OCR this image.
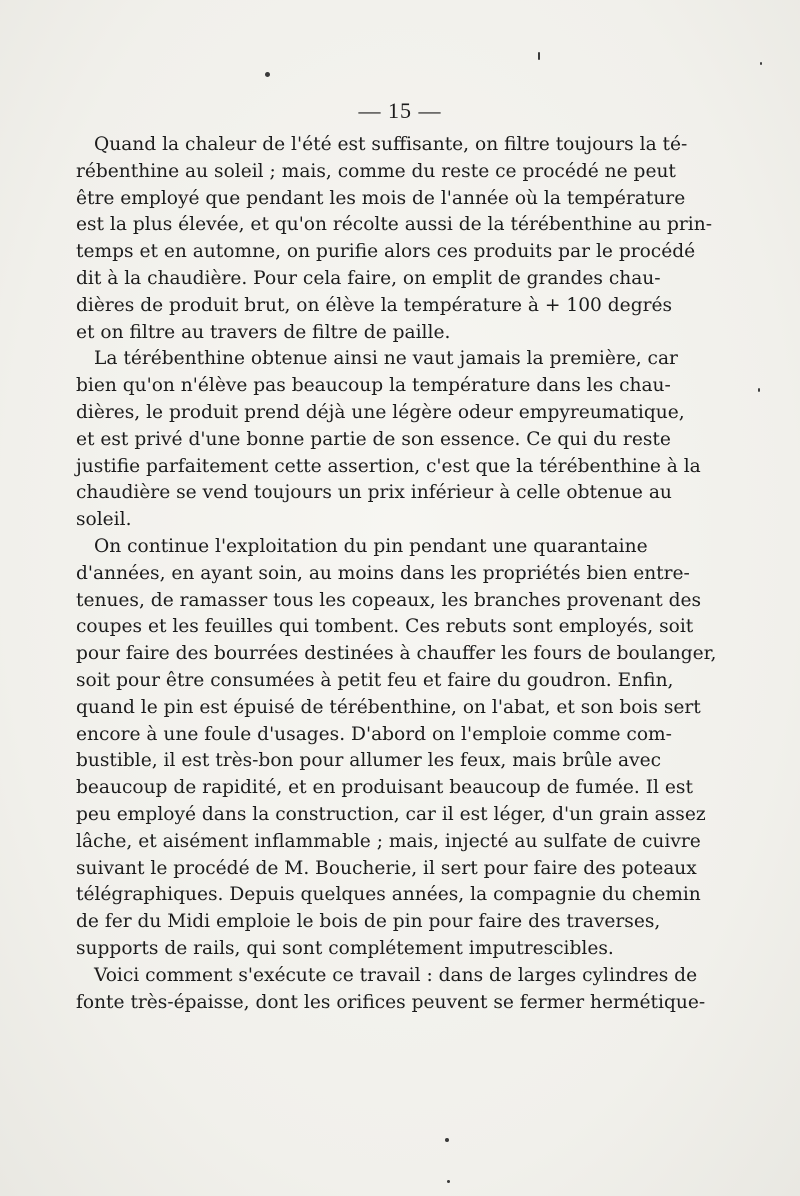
— 15 —
Quand la chaleur de l'été est suffisante, on filtre toujours la té-
rébenthine au soleil ; mais, comme du reste ce procédé ne peut
être employé que pendant les mois de l'année où la température
est la plus élevée, et qu'on récolte aussi de la térébenthine au prin-
temps et en automne, on purifie alors ces produits par le procédé
dit à la chaudière. Pour cela faire, on emplit de grandes chau-
dières de produit brut, on élève la température à + 100 degrés
et on filtre au travers de filtre de paille.
La térébenthine obtenue ainsi ne vaut jamais la première, car
bien qu'on n'élève pas beaucoup la température dans les chau-
dières, le produit prend déjà une légère odeur empyreumatique,
et est privé d'une bonne partie de son essence. Ce qui du reste
justifie parfaitement cette assertion, c'est que la térébenthine à la
chaudière se vend toujours un prix inférieur à celle obtenue au
soleil.
On continue l'exploitation du pin pendant une quarantaine
d'années, en ayant soin, au moins dans les propriétés bien entre-
tenues, de ramasser tous les copeaux, les branches provenant des
coupes et les feuilles qui tombent. Ces rebuts sont employés, soit
pour faire des bourrées destinées à chauffer les fours de boulanger,
soit pour être consumées à petit feu et faire du goudron. Enfin,
quand le pin est épuisé de térébenthine, on l'abat, et son bois sert
encore à une foule d'usages. D'abord on l'emploie comme com-
bustible, il est très-bon pour allumer les feux, mais brûle avec
beaucoup de rapidité, et en produisant beaucoup de fumée. Il est
peu employé dans la construction, car il est léger, d'un grain assez
lâche, et aisément inflammable ; mais, injecté au sulfate de cuivre
suivant le procédé de M. Boucherie, il sert pour faire des poteaux
télégraphiques. Depuis quelques années, la compagnie du chemin
de fer du Midi emploie le bois de pin pour faire des traverses,
supports de rails, qui sont complétement imputrescibles.
Voici comment s'exécute ce travail : dans de larges cylindres de
fonte très-épaisse, dont les orifices peuvent se fermer hermétique-
